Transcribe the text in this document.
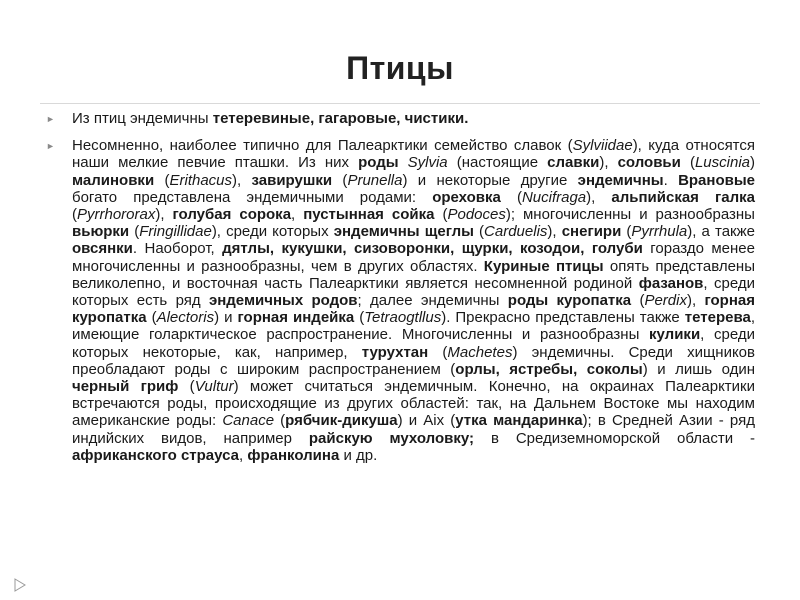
Птицы
► Из птиц эндемичны тетеревиные, гагаровые, чистики.
► Несомненно, наиболее типично для Палеарктики семейство славок (Sylviidae), куда относятся наши мелкие певчие пташки. Из них роды Sylvia (настоящие славки), соловьи (Luscinia) малиновки (Erithacus), завирушки (Prunella) и некоторые другие эндемичны. Врановые богато представлена эндемичными родами: ореховка (Nucifraga), альпийская галка (Pyrrhororax), голубая сорока, пустынная сойка (Podoces); многочисленны и разнообразны вьюрки (Fringillidae), среди которых эндемичны щеглы (Carduelis), снегири (Pyrrhula), а также овсянки. Наоборот, дятлы, кукушки, сизоворонки, щурки, козодои, голуби гораздо менее многочисленны и разнообразны, чем в других областях. Куриные птицы опять представлены великолепно, и восточная часть Палеарктики является несомненной родиной фазанов, среди которых есть ряд эндемичных родов; далее эндемичны роды куропатка (Perdix), горная куропатка (Alectoris) и горная индейка (Tetraogtllus). Прекрасно представлены также тетерева, имеющие голарктическое распространение. Многочисленны и разнообразны кулики, среди которых некоторые, как, например, турухтан (Machetes) эндемичны. Среди хищников преобладают роды с широким распространением (орлы, ястребы, соколы) и лишь один черный гриф (Vultur) может считаться эндемичным. Конечно, на окраинах Палеарктики встречаются роды, происходящие из других областей: так, на Дальнем Востоке мы находим американские роды: Canace (рябчик-дикуша) и Aix (утка мандаринка); в Средней Азии - ряд индийских видов, например райскую мухоловку; в Средиземноморской области - африканского страуса, франколина и др.
